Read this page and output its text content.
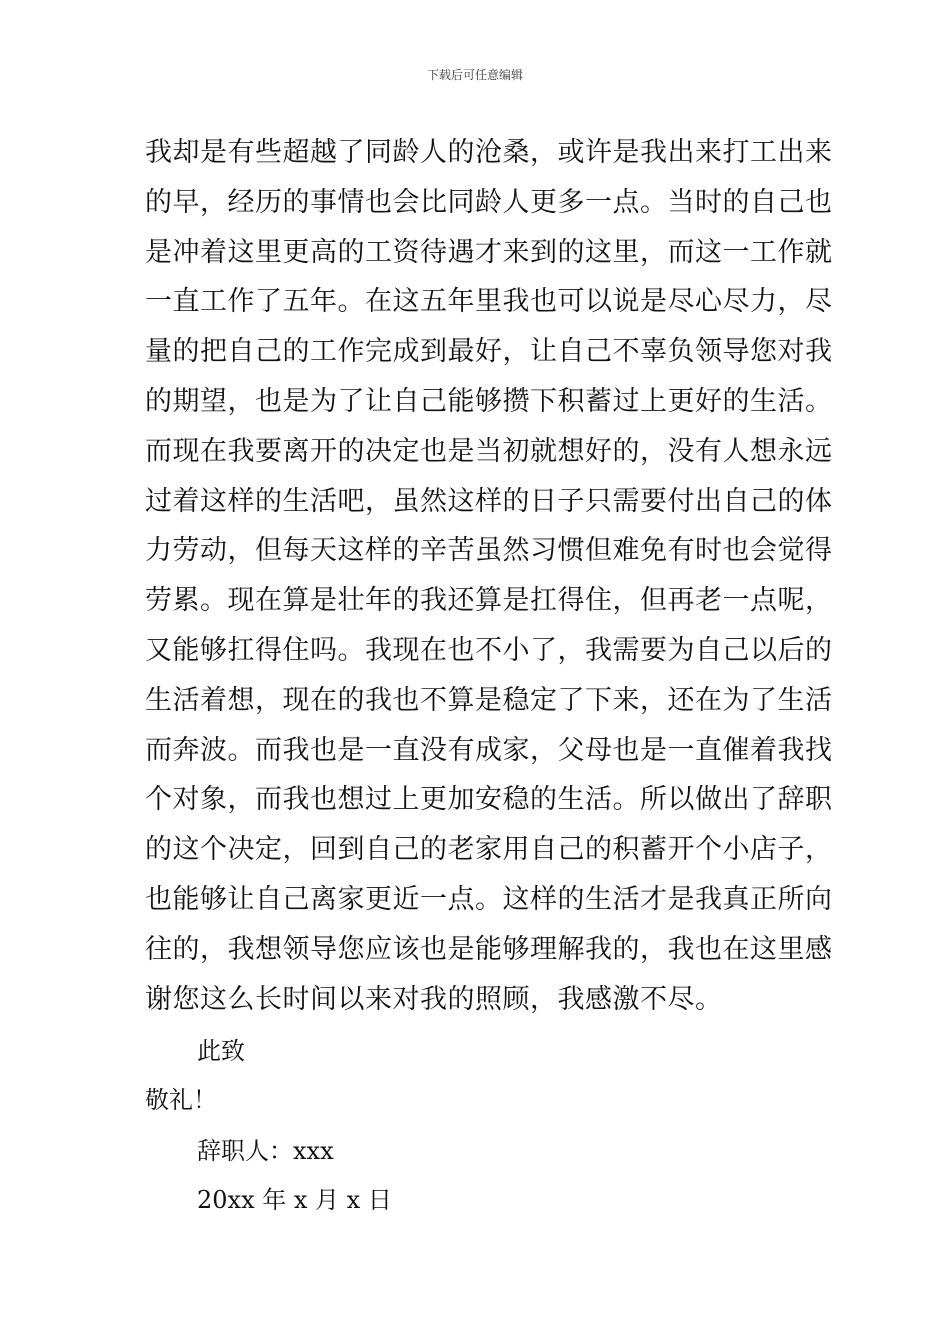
下载后可任意编辑
我却是有些超越了同龄人的沧桑，或许是我出来打工出来
的早，经历的事情也会比同龄人更多一点。当时的自己也
是冲着这里更高的工资待遇才来到的这里，而这一工作就
一直工作了五年。在这五年里我也可以说是尽心尽力，尽
量的把自己的工作完成到最好，让自己不辜负领导您对我
的期望，也是为了让自己能够攒下积蓄过上更好的生活。
而现在我要离开的决定也是当初就想好的，没有人想永远
过着这样的生活吧，虽然这样的日子只需要付出自己的体
力劳动，但每天这样的辛苦虽然习惯但难免有时也会觉得
劳累。现在算是壮年的我还算是扛得住，但再老一点呢，
又能够扛得住吗。我现在也不小了，我需要为自己以后的
生活着想，现在的我也不算是稳定了下来，还在为了生活
而奔波。而我也是一直没有成家，父母也是一直催着我找
个对象，而我也想过上更加安稳的生活。所以做出了辞职
的这个决定，回到自己的老家用自己的积蓄开个小店子，
也能够让自己离家更近一点。这样的生活才是我真正所向
往的，我想领导您应该也是能够理解我的，我也在这里感
谢您这么长时间以来对我的照顾，我感激不尽。
此致
敬礼！
辞职人：xxx
20xx 年 x 月 x 日
